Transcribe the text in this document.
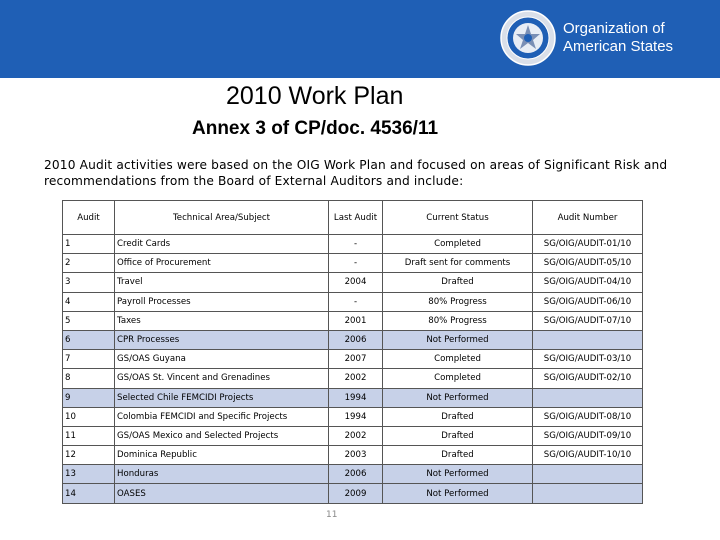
Organization of
American States
2010 Work Plan
Annex 3 of CP/doc. 4536/11

2010 Audit activities were based on the OIG Work Plan and focused on areas of Significant Risk and recommendations from the Board of External Auditors and include:

Audit	Technical Area/Subject	Last Audit	Current Status	Audit Number
1	Credit Cards	-	Completed	SG/OIG/AUDIT-01/10
2	Office of Procurement	-	Draft sent for comments	SG/OIG/AUDIT-05/10
3	Travel	2004	Drafted	SG/OIG/AUDIT-04/10
4	Payroll Processes	-	80% Progress	SG/OIG/AUDIT-06/10
5	Taxes	2001	80% Progress	SG/OIG/AUDIT-07/10
6	CPR Processes	2006	Not Performed	
7	GS/OAS Guyana	2007	Completed	SG/OIG/AUDIT-03/10
8	GS/OAS St. Vincent and Grenadines	2002	Completed	SG/OIG/AUDIT-02/10
9	Selected Chile FEMCIDI Projects	1994	Not Performed	
10	Colombia FEMCIDI and Specific Projects	1994	Drafted	SG/OIG/AUDIT-08/10
11	GS/OAS Mexico and Selected Projects	2002	Drafted	SG/OIG/AUDIT-09/10
12	Dominica Republic	2003	Drafted	SG/OIG/AUDIT-10/10
13	Honduras	2006	Not Performed	
14	OASES	2009	Not Performed	
11
